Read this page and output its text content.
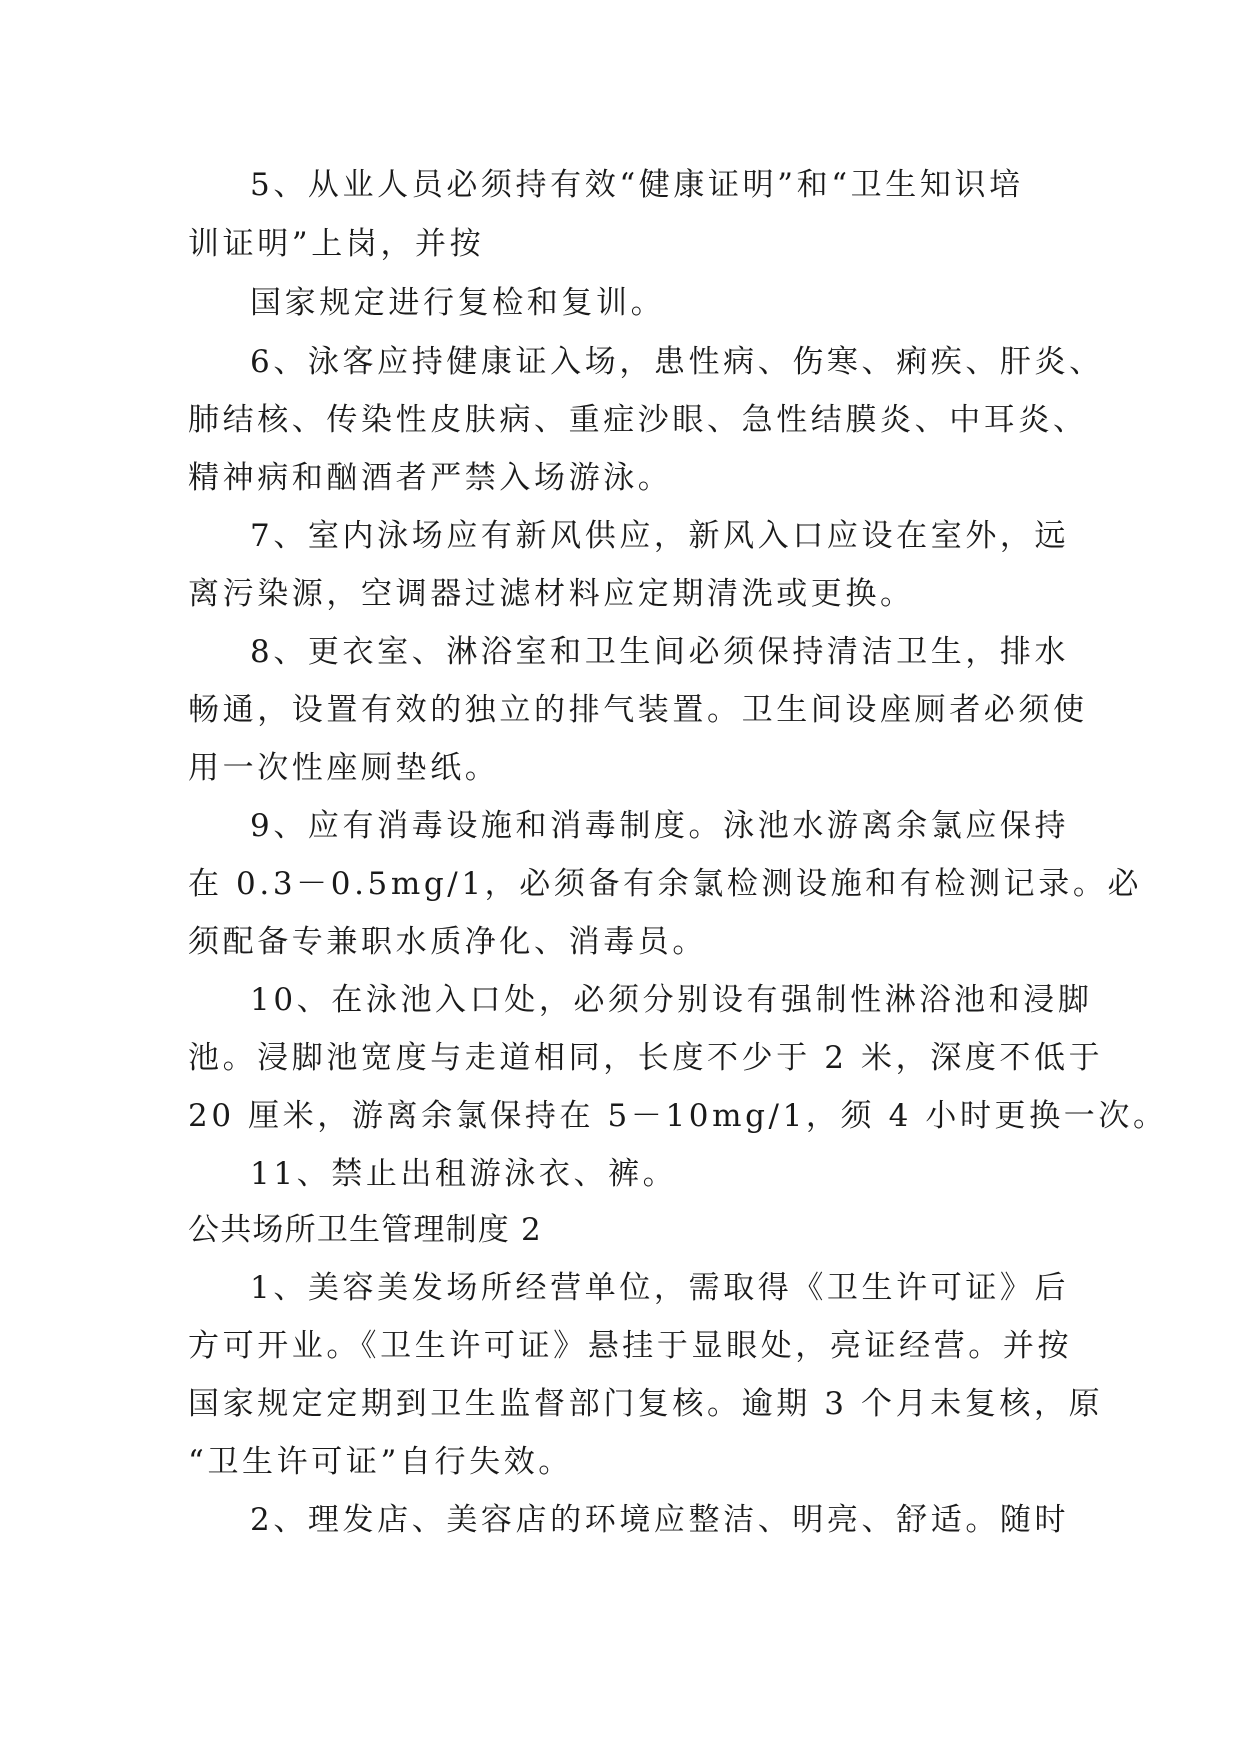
5、从业人员必须持有效“健康证明”和“卫生知识培
训证明”上岗，并按
国家规定进行复检和复训。
6、泳客应持健康证入场，患性病、伤寒、痢疾、肝炎、
肺结核、传染性皮肤病、重症沙眼、急性结膜炎、中耳炎、
精神病和酗酒者严禁入场游泳。
7、室内泳场应有新风供应，新风入口应设在室外，远
离污染源，空调器过滤材料应定期清洗或更换。
8、更衣室、淋浴室和卫生间必须保持清洁卫生，排水
畅通，设置有效的独立的排气装置。卫生间设座厕者必须使
用一次性座厕垫纸。
9、应有消毒设施和消毒制度。泳池水游离余氯应保持
在 0.3－0.5mg/1，必须备有余氯检测设施和有检测记录。必
须配备专兼职水质净化、消毒员。
10、在泳池入口处，必须分别设有强制性淋浴池和浸脚
池。浸脚池宽度与走道相同，长度不少于 2 米，深度不低于
20 厘米，游离余氯保持在 5－10mg/1，须 4 小时更换一次。
11、禁止出租游泳衣、裤。
公共场所卫生管理制度 2
1、美容美发场所经营单位，需取得《卫生许可证》后
方可开业。《卫生许可证》悬挂于显眼处，亮证经营。并按
国家规定定期到卫生监督部门复核。逾期 3 个月未复核，原
“卫生许可证”自行失效。
2、理发店、美容店的环境应整洁、明亮、舒适。随时
